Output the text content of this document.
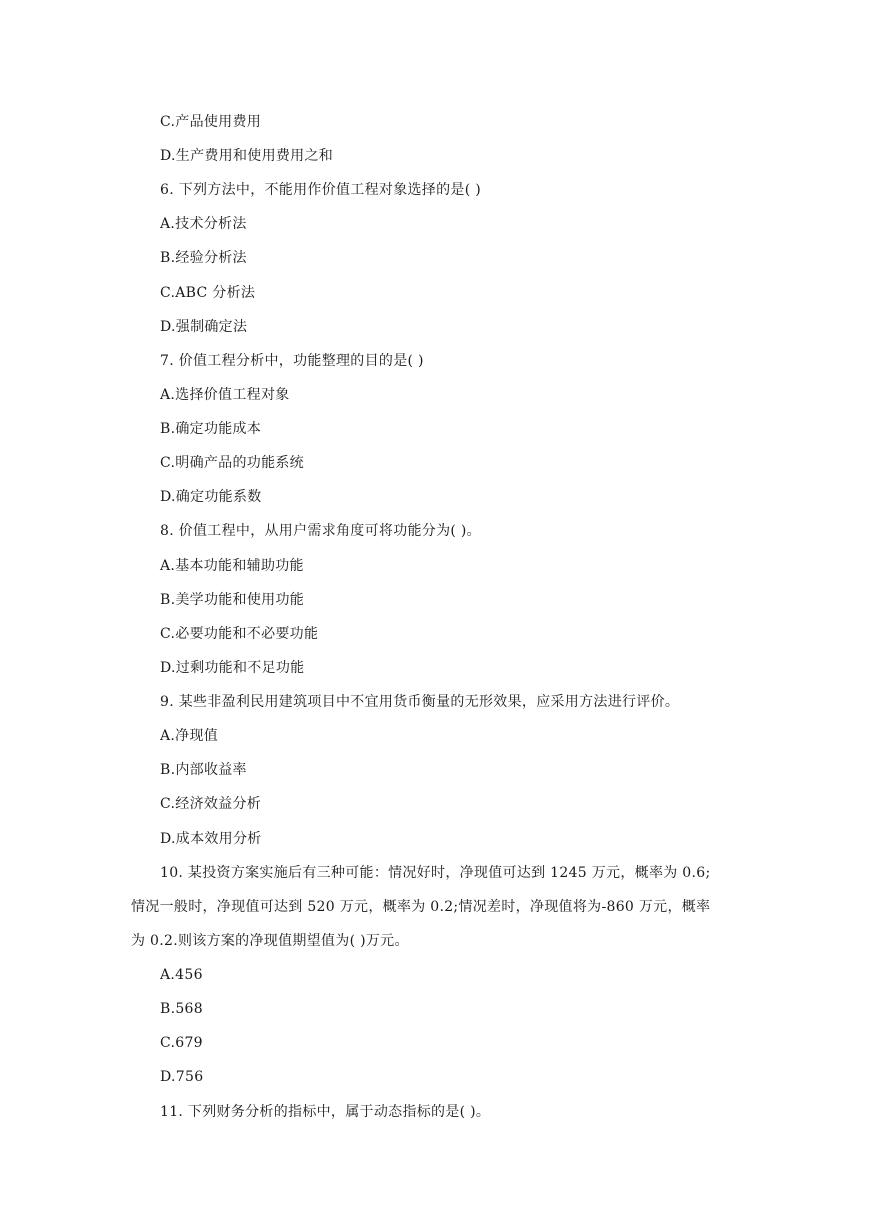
C.产品使用费用
D.生产费用和使用费用之和
6. 下列方法中，不能用作价值工程对象选择的是( )
A.技术分析法
B.经验分析法
C.ABC 分析法
D.强制确定法
7. 价值工程分析中，功能整理的目的是( )
A.选择价值工程对象
B.确定功能成本
C.明确产品的功能系统
D.确定功能系数
8. 价值工程中，从用户需求角度可将功能分为( )。
A.基本功能和辅助功能
B.美学功能和使用功能
C.必要功能和不必要功能
D.过剩功能和不足功能
9. 某些非盈利民用建筑项目中不宜用货币衡量的无形效果，应采用方法进行评价。
A.净现值
B.内部收益率
C.经济效益分析
D.成本效用分析
10. 某投资方案实施后有三种可能：情况好时，净现值可达到 1245 万元，概率为 0.6;
情况一般时，净现值可达到 520 万元，概率为 0.2;情况差时，净现值将为-860 万元，概率
为 0.2.则该方案的净现值期望值为( )万元。
A.456
B.568
C.679
D.756
11. 下列财务分析的指标中，属于动态指标的是( )。
